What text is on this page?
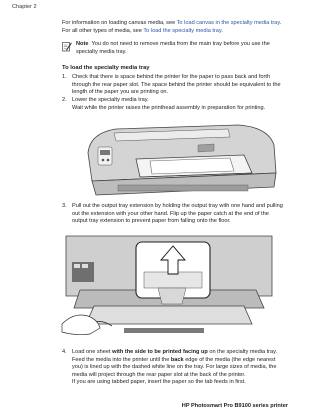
Chapter 2
For information on loading canvas media, see To load canvas in the specialty media tray. For all other types of media, see To load the specialty media tray.
Note You do not need to remove media from the main tray before you use the specialty media tray.
To load the specialty media tray
1. Check that there is space behind the printer for the paper to pass back and forth through the rear paper slot. The space behind the printer should be equivalent to the length of the paper you are printing on.
2. Lower the specialty media tray.
Wait while the printer raises the printhead assembly in preparation for printing.
3. Pull out the output tray extension by holding the output tray with one hand and pulling out the extension with your other hand. Flip up the paper catch at the end of the output tray extension to prevent paper from falling onto the floor.
4. Load one sheet with the side to be printed facing up on the specialty media tray. Feed the media into the printer until the back edge of the media (the edge nearest you) is lined up with the dashed white line on the tray. For large sizes of media, the media will project through the rear paper slot at the back of the printer.
If you are using tabbed paper, insert the paper so the tab feeds in first.
HP Photosmart Pro B9100 series printer
